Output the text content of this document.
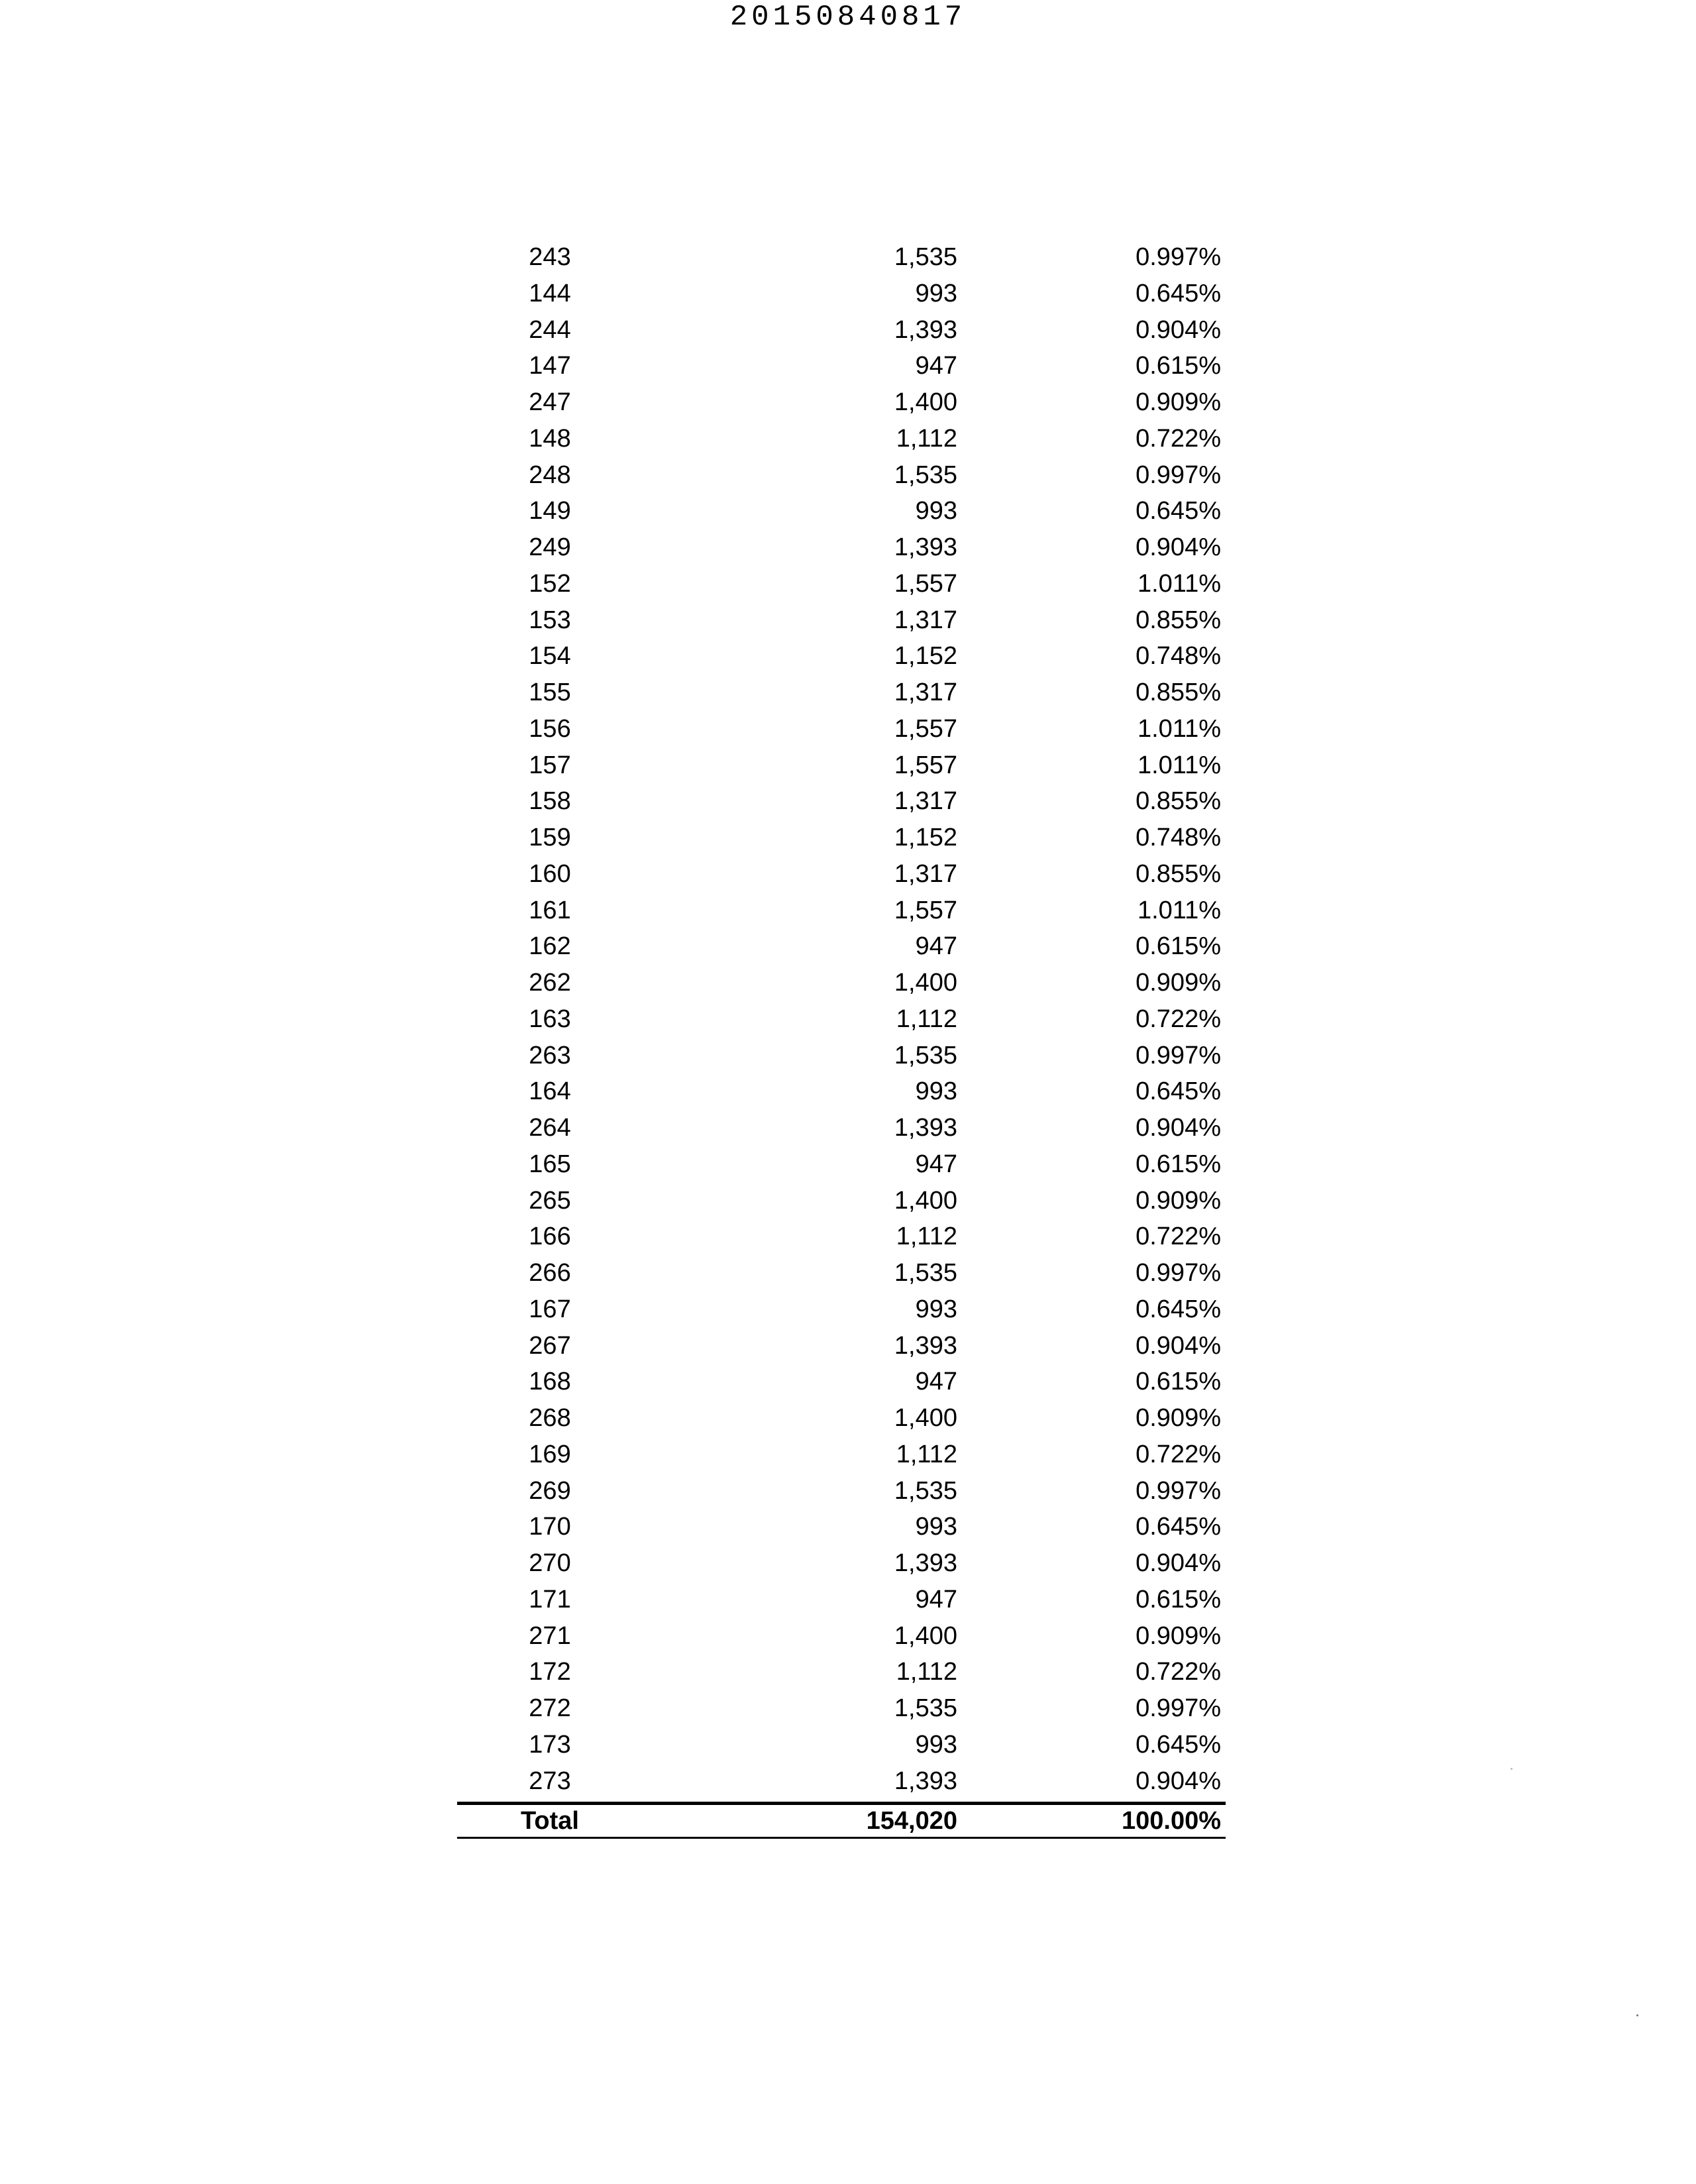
20150840817
243	1,535	0.997%
144	993	0.645%
244	1,393	0.904%
147	947	0.615%
247	1,400	0.909%
148	1,112	0.722%
248	1,535	0.997%
149	993	0.645%
249	1,393	0.904%
152	1,557	1.011%
153	1,317	0.855%
154	1,152	0.748%
155	1,317	0.855%
156	1,557	1.011%
157	1,557	1.011%
158	1,317	0.855%
159	1,152	0.748%
160	1,317	0.855%
161	1,557	1.011%
162	947	0.615%
262	1,400	0.909%
163	1,112	0.722%
263	1,535	0.997%
164	993	0.645%
264	1,393	0.904%
165	947	0.615%
265	1,400	0.909%
166	1,112	0.722%
266	1,535	0.997%
167	993	0.645%
267	1,393	0.904%
168	947	0.615%
268	1,400	0.909%
169	1,112	0.722%
269	1,535	0.997%
170	993	0.645%
270	1,393	0.904%
171	947	0.615%
271	1,400	0.909%
172	1,112	0.722%
272	1,535	0.997%
173	993	0.645%
273	1,393	0.904%
Total	154,020	100.00%
